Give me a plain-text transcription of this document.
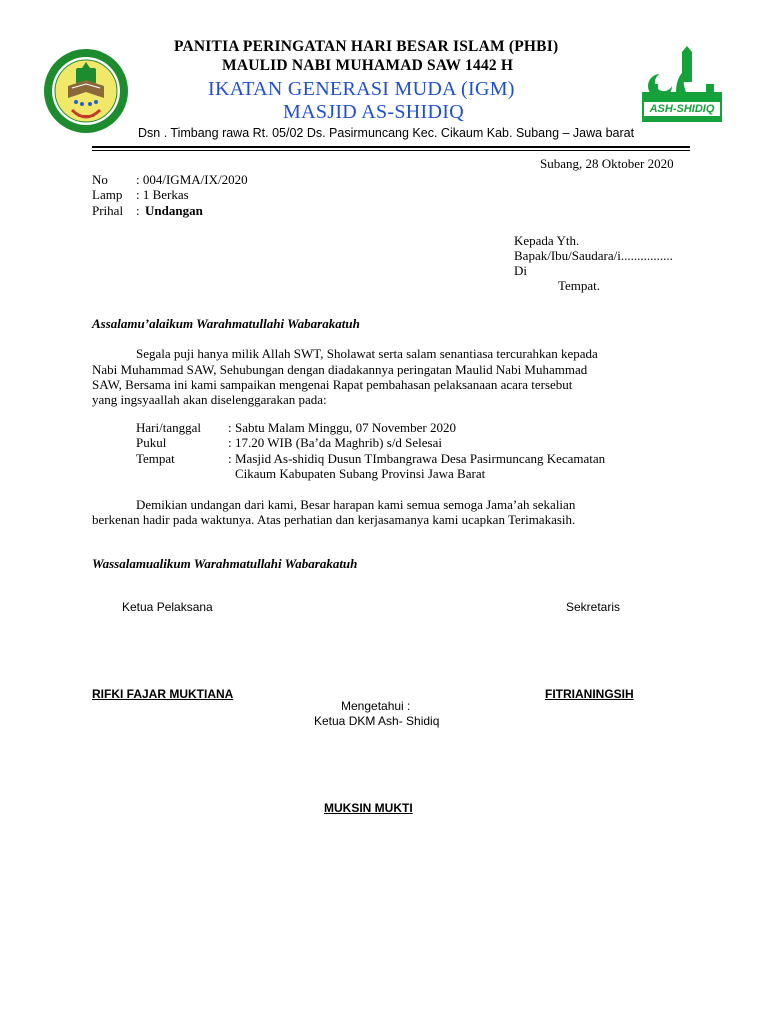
PANITIA PERINGATAN HARI BESAR ISLAM (PHBI)
MAULID NABI MUHAMAD SAW 1442 H
IKATAN GENERASI MUDA (IGM)
MASJID AS-SHIDIQ
Dsn . Timbang rawa Rt. 05/02 Ds. Pasirmuncang Kec. Cikaum Kab. Subang – Jawa barat
ASH-SHIDIQ
Subang, 28 Oktober 2020
No : 004/IGMA/IX/2020
Lamp : 1 Berkas
Prihal : Undangan
Kepada Yth.
Bapak/Ibu/Saudara/i................
Di
Tempat.
Assalamu’alaikum Warahmatullahi Wabarakatuh
Segala puji hanya milik Allah SWT, Sholawat serta salam senantiasa tercurahkan kepada
Nabi Muhammad SAW, Sehubungan dengan diadakannya peringatan Maulid Nabi Muhammad
SAW, Bersama ini kami sampaikan mengenai Rapat pembahasan pelaksanaan acara tersebut
yang ingsyaallah akan diselenggarakan pada:
Hari/tanggal : Sabtu Malam Minggu, 07 November 2020
Pukul	: 17.20 WIB (Ba’da Maghrib) s/d Selesai
Tempat	: Masjid As-shidiq Dusun TImbangrawa Desa Pasirmuncang Kecamatan
Cikaum Kabupaten Subang Provinsi Jawa Barat
Demikian undangan dari kami, Besar harapan kami semua semoga Jama’ah sekalian
berkenan hadir pada waktunya. Atas perhatian dan kerjasamanya kami ucapkan Terimakasih.
Wassalamualikum Warahmatullahi Wabarakatuh
Ketua Pelaksana	Sekretaris
RIFKI FAJAR MUKTIANA	FITRIANINGSIH
Mengetahui :
Ketua DKM Ash- Shidiq
MUKSIN MUKTI
